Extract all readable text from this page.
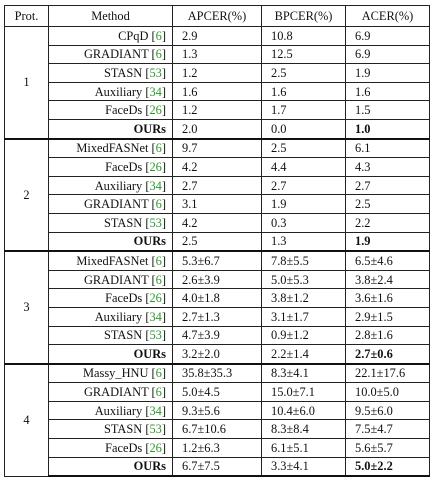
Prot.	Method	APCER(%)	BPCER(%)	ACER(%)
1	CPqD [6]	2.9	10.8	6.9
	GRADIANT [6]	1.3	12.5	6.9
	STASN [53]	1.2	2.5	1.9
	Auxiliary [34]	1.6	1.6	1.6
	FaceDs [26]	1.2	1.7	1.5
	OURs	2.0	0.0	1.0
2	MixedFASNet [6]	9.7	2.5	6.1
	FaceDs [26]	4.2	4.4	4.3
	Auxiliary [34]	2.7	2.7	2.7
	GRADIANT [6]	3.1	1.9	2.5
	STASN [53]	4.2	0.3	2.2
	OURs	2.5	1.3	1.9
3	MixedFASNet [6]	5.3±6.7	7.8±5.5	6.5±4.6
	GRADIANT [6]	2.6±3.9	5.0±5.3	3.8±2.4
	FaceDs [26]	4.0±1.8	3.8±1.2	3.6±1.6
	Auxiliary [34]	2.7±1.3	3.1±1.7	2.9±1.5
	STASN [53]	4.7±3.9	0.9±1.2	2.8±1.6
	OURs	3.2±2.0	2.2±1.4	2.7±0.6
4	Massy_HNU [6]	35.8±35.3	8.3±4.1	22.1±17.6
	GRADIANT [6]	5.0±4.5	15.0±7.1	10.0±5.0
	Auxiliary [34]	9.3±5.6	10.4±6.0	9.5±6.0
	STASN [53]	6.7±10.6	8.3±8.4	7.5±4.7
	FaceDs [26]	1.2±6.3	6.1±5.1	5.6±5.7
	OURs	6.7±7.5	3.3±4.1	5.0±2.2
